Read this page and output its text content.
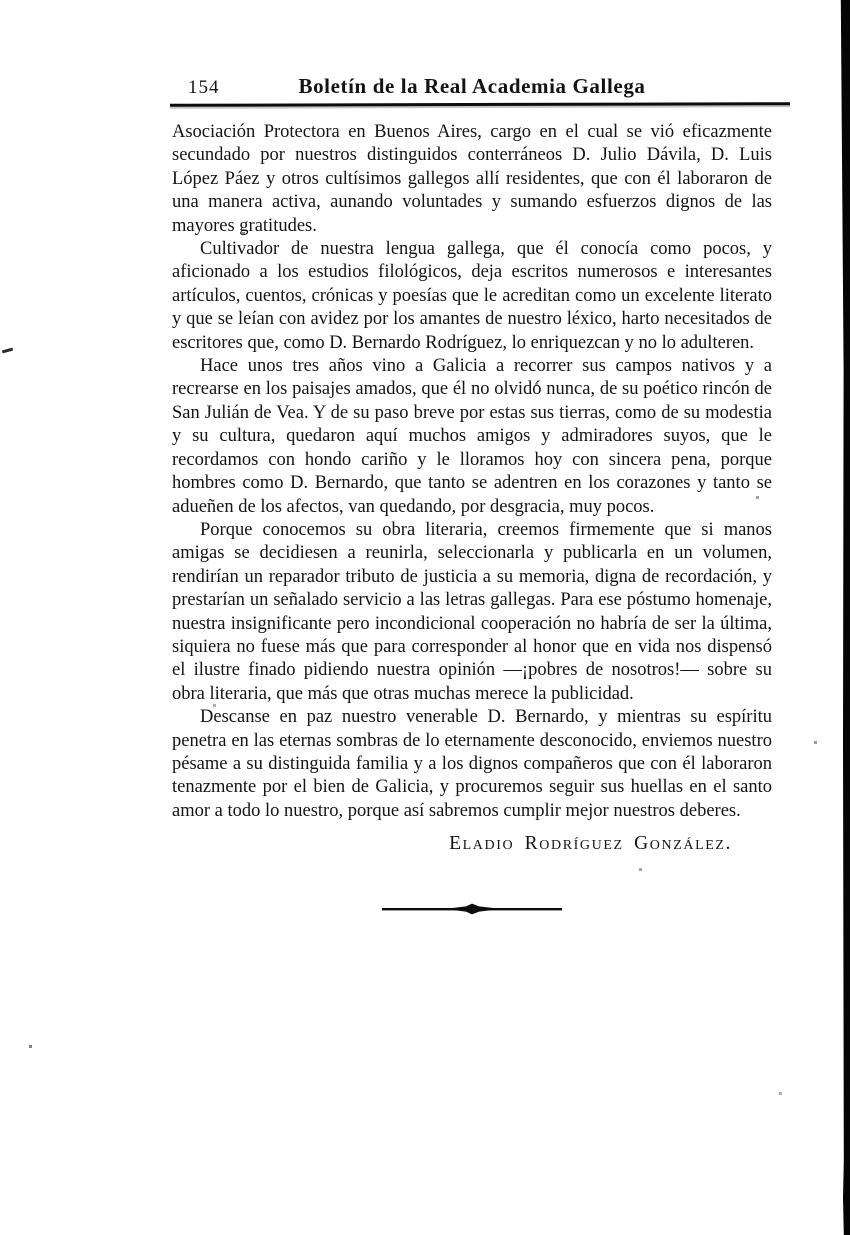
154	Boletín de la Real Academia Gallega

Asociación Protectora en Buenos Aires, cargo en el cual se vió eficazmente secundado por nuestros distinguidos conterráneos D. Julio Dávila, D. Luis López Páez y otros cultísimos gallegos allí residentes, que con él laboraron de una manera activa, aunando voluntades y sumando esfuerzos dignos de las mayores gratitudes.

Cultivador de nuestra lengua gallega, que él conocía como pocos, y aficionado a los estudios filológicos, deja escritos numerosos e interesantes artículos, cuentos, crónicas y poesías que le acreditan como un excelente literato y que se leían con avidez por los amantes de nuestro léxico, harto necesitados de escritores que, como D. Bernardo Rodríguez, lo enriquezcan y no lo adulteren.

Hace unos tres años vino a Galicia a recorrer sus campos nativos y a recrearse en los paisajes amados, que él no olvidó nunca, de su poético rincón de San Julián de Vea. Y de su paso breve por estas sus tierras, como de su modestia y su cultura, quedaron aquí muchos amigos y admiradores suyos, que le recordamos con hondo cariño y le lloramos hoy con sincera pena, porque hombres como D. Bernardo, que tanto se adentren en los corazones y tanto se adueñen de los afectos, van quedando, por desgracia, muy pocos.

Porque conocemos su obra literaria, creemos firmemente que si manos amigas se decidiesen a reunirla, seleccionarla y publicarla en un volumen, rendirían un reparador tributo de justicia a su memoria, digna de recordación, y prestarían un señalado servicio a las letras gallegas. Para ese póstumo homenaje, nuestra insignificante pero incondicional cooperación no habría de ser la última, siquiera no fuese más que para corresponder al honor que en vida nos dispensó el ilustre finado pidiendo nuestra opinión —¡pobres de nosotros!— sobre su obra literaria, que más que otras muchas merece la publicidad.

Descanse en paz nuestro venerable D. Bernardo, y mientras su espíritu penetra en las eternas sombras de lo eternamente desconocido, enviemos nuestro pésame a su distinguida familia y a los dignos compañeros que con él laboraron tenazmente por el bien de Galicia, y procuremos seguir sus huellas en el santo amor a todo lo nuestro, porque así sabremos cumplir mejor nuestros deberes.

Eladio Rodríguez González.
